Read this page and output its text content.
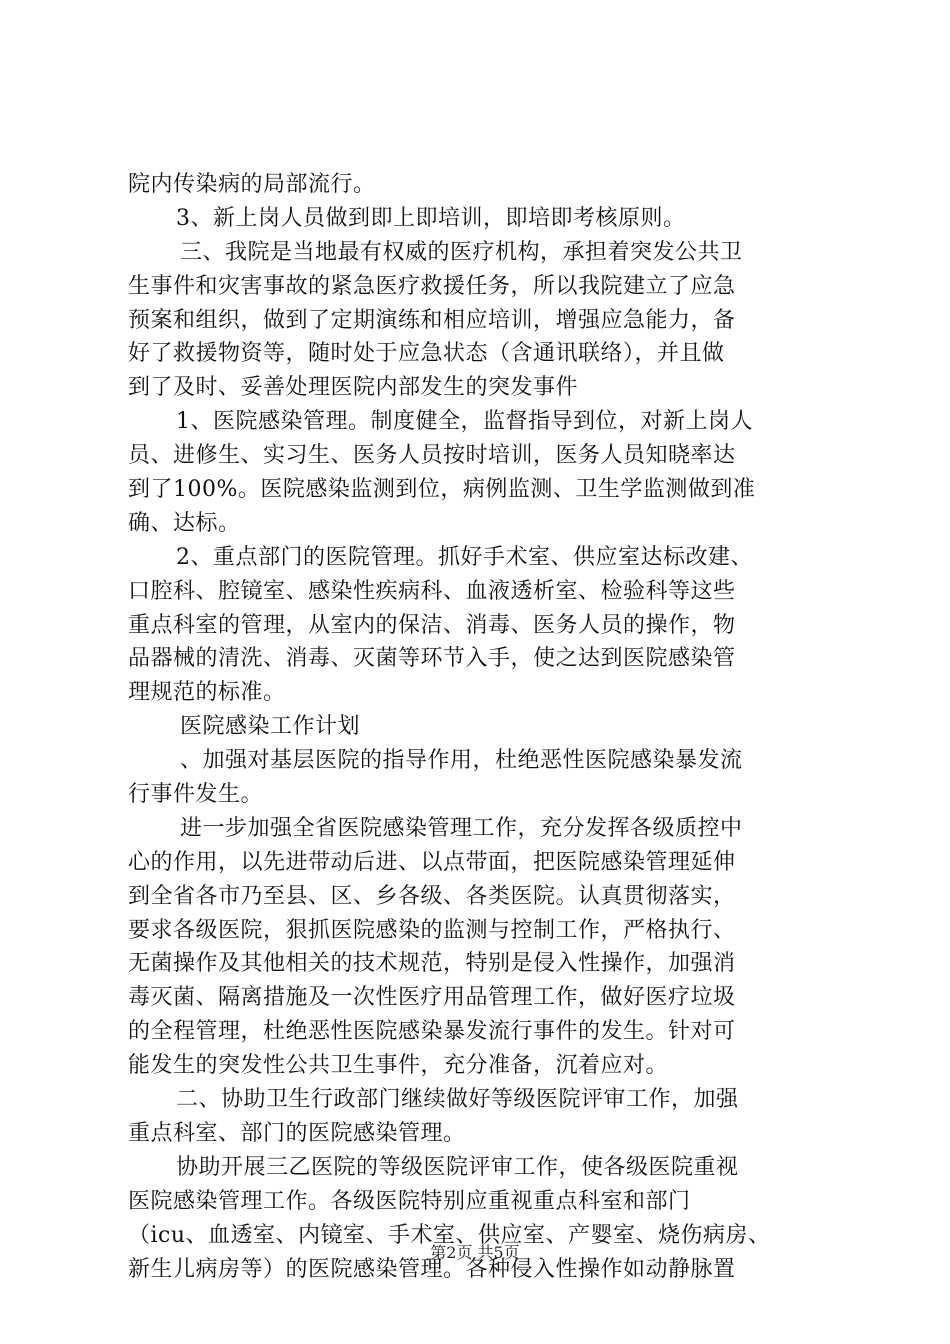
院内传染病的局部流行。
3、新上岗人员做到即上即培训，即培即考核原则。
三、我院是当地最有权威的医疗机构，承担着突发公共卫
生事件和灾害事故的紧急医疗救援任务，所以我院建立了应急
预案和组织，做到了定期演练和相应培训，增强应急能力，备
好了救援物资等，随时处于应急状态（含通讯联络），并且做
到了及时、妥善处理医院内部发生的突发事件
1、医院感染管理。制度健全，监督指导到位，对新上岗人
员、进修生、实习生、医务人员按时培训，医务人员知晓率达
到了100%。医院感染监测到位，病例监测、卫生学监测做到准
确、达标。
2、重点部门的医院管理。抓好手术室、供应室达标改建、
口腔科、腔镜室、感染性疾病科、血液透析室、检验科等这些
重点科室的管理，从室内的保洁、消毒、医务人员的操作，物
品器械的清洗、消毒、灭菌等环节入手，使之达到医院感染管
理规范的标准。
医院感染工作计划
、加强对基层医院的指导作用，杜绝恶性医院感染暴发流
行事件发生。
进一步加强全省医院感染管理工作，充分发挥各级质控中
心的作用，以先进带动后进、以点带面，把医院感染管理延伸
到全省各市乃至县、区、乡各级、各类医院。认真贯彻落实，
要求各级医院，狠抓医院感染的监测与控制工作，严格执行、
无菌操作及其他相关的技术规范，特别是侵入性操作，加强消
毒灭菌、隔离措施及一次性医疗用品管理工作，做好医疗垃圾
的全程管理，杜绝恶性医院感染暴发流行事件的发生。针对可
能发生的突发性公共卫生事件，充分准备，沉着应对。
二、协助卫生行政部门继续做好等级医院评审工作，加强
重点科室、部门的医院感染管理。
协助开展三乙医院的等级医院评审工作，使各级医院重视
医院感染管理工作。各级医院特别应重视重点科室和部门
（icu、血透室、内镜室、手术室、供应室、产婴室、烧伤病房、
新生儿病房等）的医院感染管理。各种侵入性操作如动静脉置
第2页 共5页
